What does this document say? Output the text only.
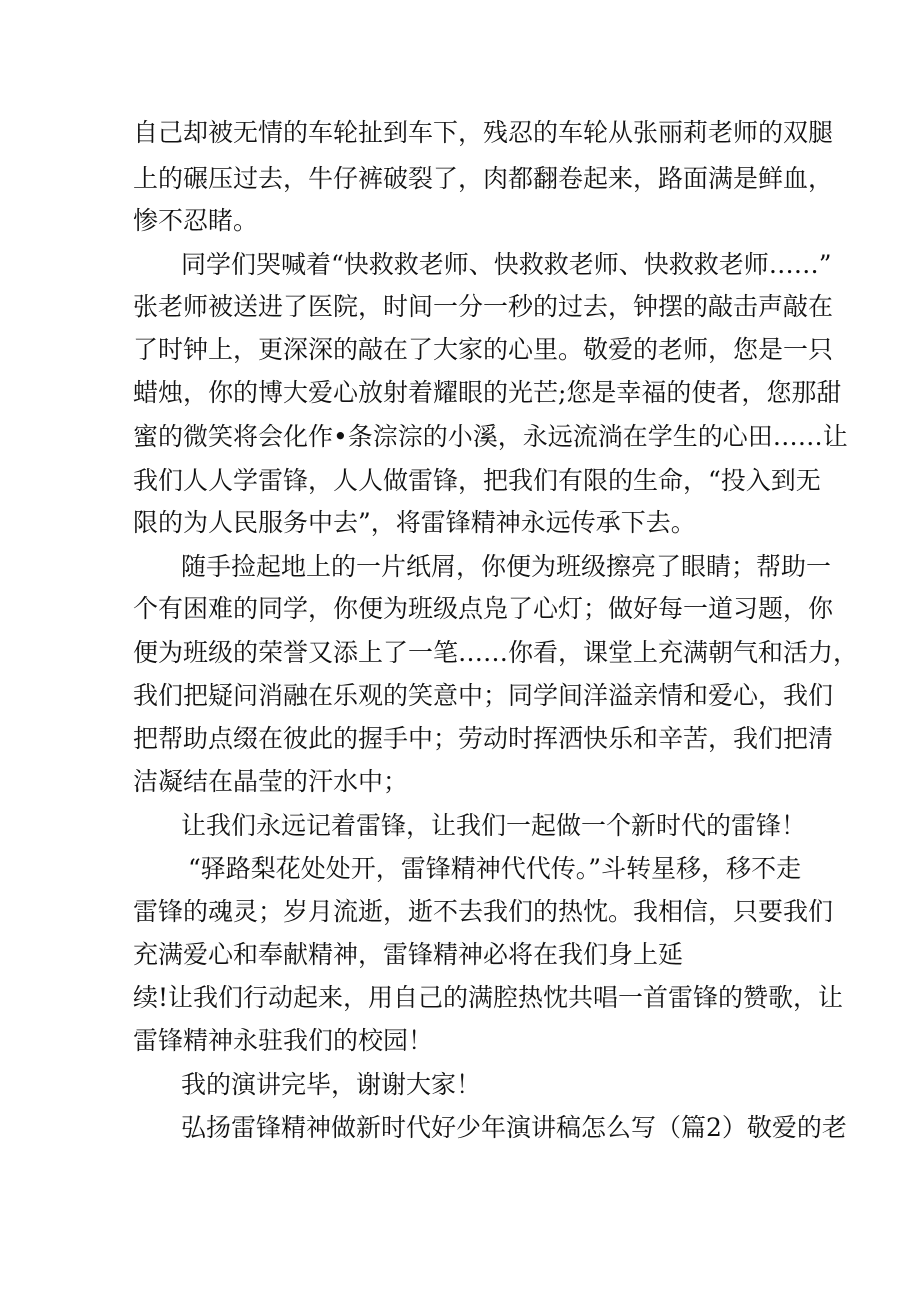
自己却被无情的车轮扯到车下，残忍的车轮从张丽莉老师的双腿
上的碾压过去，牛仔裤破裂了，肉都翻卷起来，路面满是鲜血，
惨不忍睹。
同学们哭喊着“快救救老师、快救救老师、快救救老师……”
张老师被送进了医院，时间一分一秒的过去，钟摆的敲击声敲在
了时钟上，更深深的敲在了大家的心里。敬爱的老师，您是一只
蜡烛，你的博大爱心放射着耀眼的光芒;您是幸福的使者，您那甜
蜜的微笑将会化作•条淙淙的小溪，永远流淌在学生的心田……让
我们人人学雷锋，人人做雷锋，把我们有限的生命，“投入到无
限的为人民服务中去”，将雷锋精神永远传承下去。
随手捡起地上的一片纸屑，你便为班级擦亮了眼睛；帮助一
个有困难的同学，你便为班级点凫了心灯；做好每一道习题，你
便为班级的荣誉又添上了一笔……你看，课堂上充满朝气和活力，
我们把疑问消融在乐观的笑意中；同学间洋溢亲情和爱心，我们
把帮助点缀在彼此的握手中；劳动时挥洒快乐和辛苦，我们把清
洁凝结在晶莹的汗水中；
让我们永远记着雷锋，让我们一起做一个新时代的雷锋！
“驿路梨花处处开，雷锋精神代代传。”斗转星移，移不走
雷锋的魂灵；岁月流逝，逝不去我们的热忱。我相信，只要我们
充满爱心和奉献精神，雷锋精神必将在我们身上延
续!让我们行动起来，用自己的满腔热忱共唱一首雷锋的赞歌，让
雷锋精神永驻我们的校园！
我的演讲完毕，谢谢大家！
弘扬雷锋精神做新时代好少年演讲稿怎么写（篇2）敬爱的老
